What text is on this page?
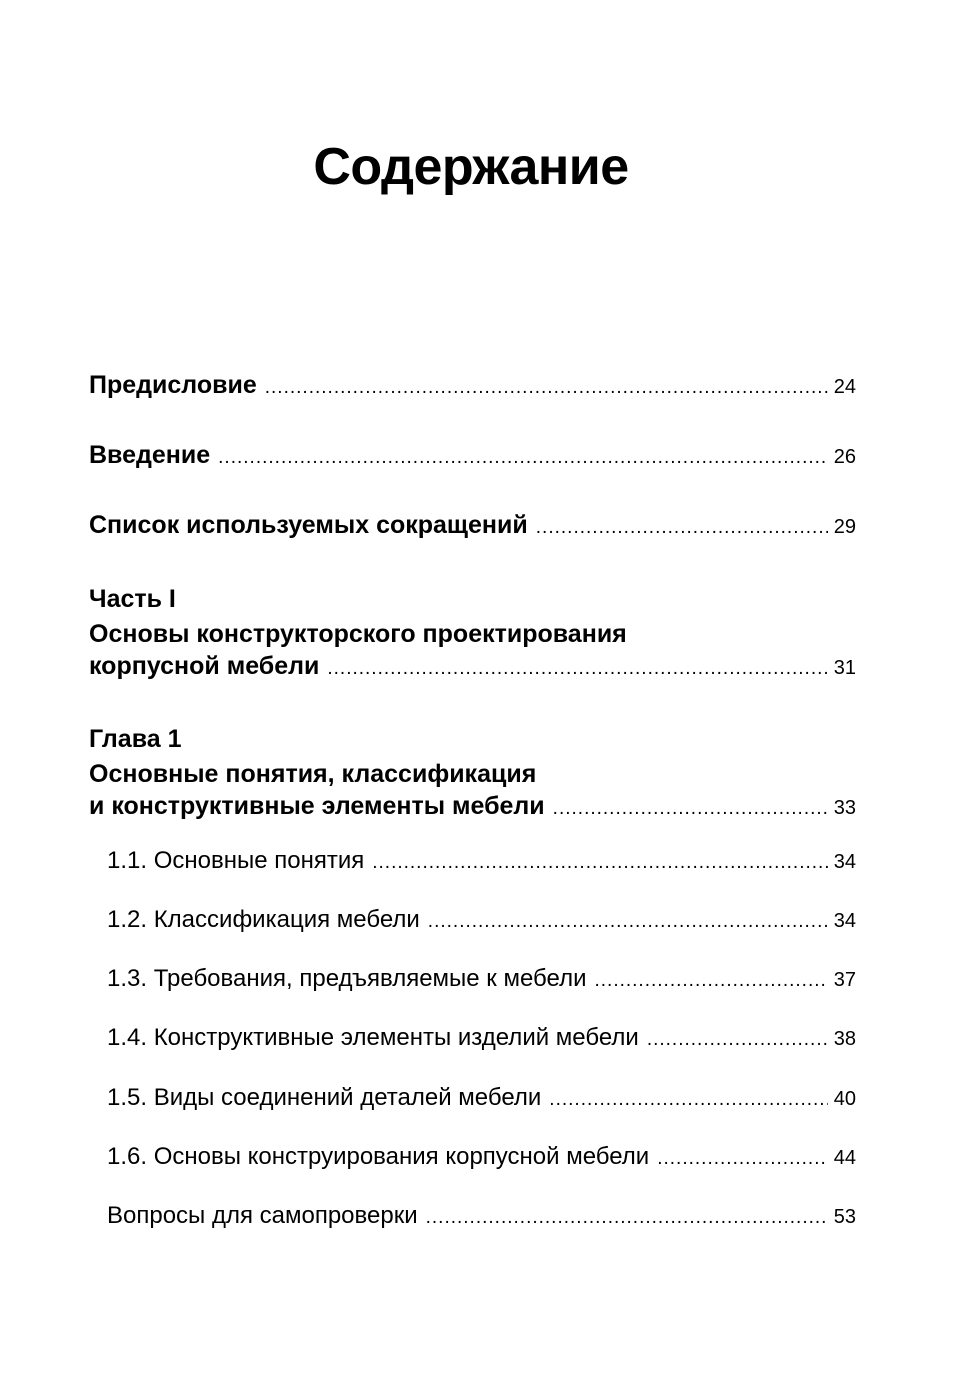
Содержание
Предисловие .....	24
Введение .....	26
Список используемых сокращений .....	29
Часть I
Основы конструкторского проектирования
корпусной мебели .....	31
Глава 1
Основные понятия, классификация
и конструктивные элементы мебели .....	33
1.1. Основные понятия .....	34
1.2. Классификация мебели .....	34
1.3. Требования, предъявляемые к мебели .....	37
1.4. Конструктивные элементы изделий мебели .....	38
1.5. Виды соединений деталей мебели .....	40
1.6. Основы конструирования корпусной мебели .....	44
Вопросы для самопроверки .....	53
